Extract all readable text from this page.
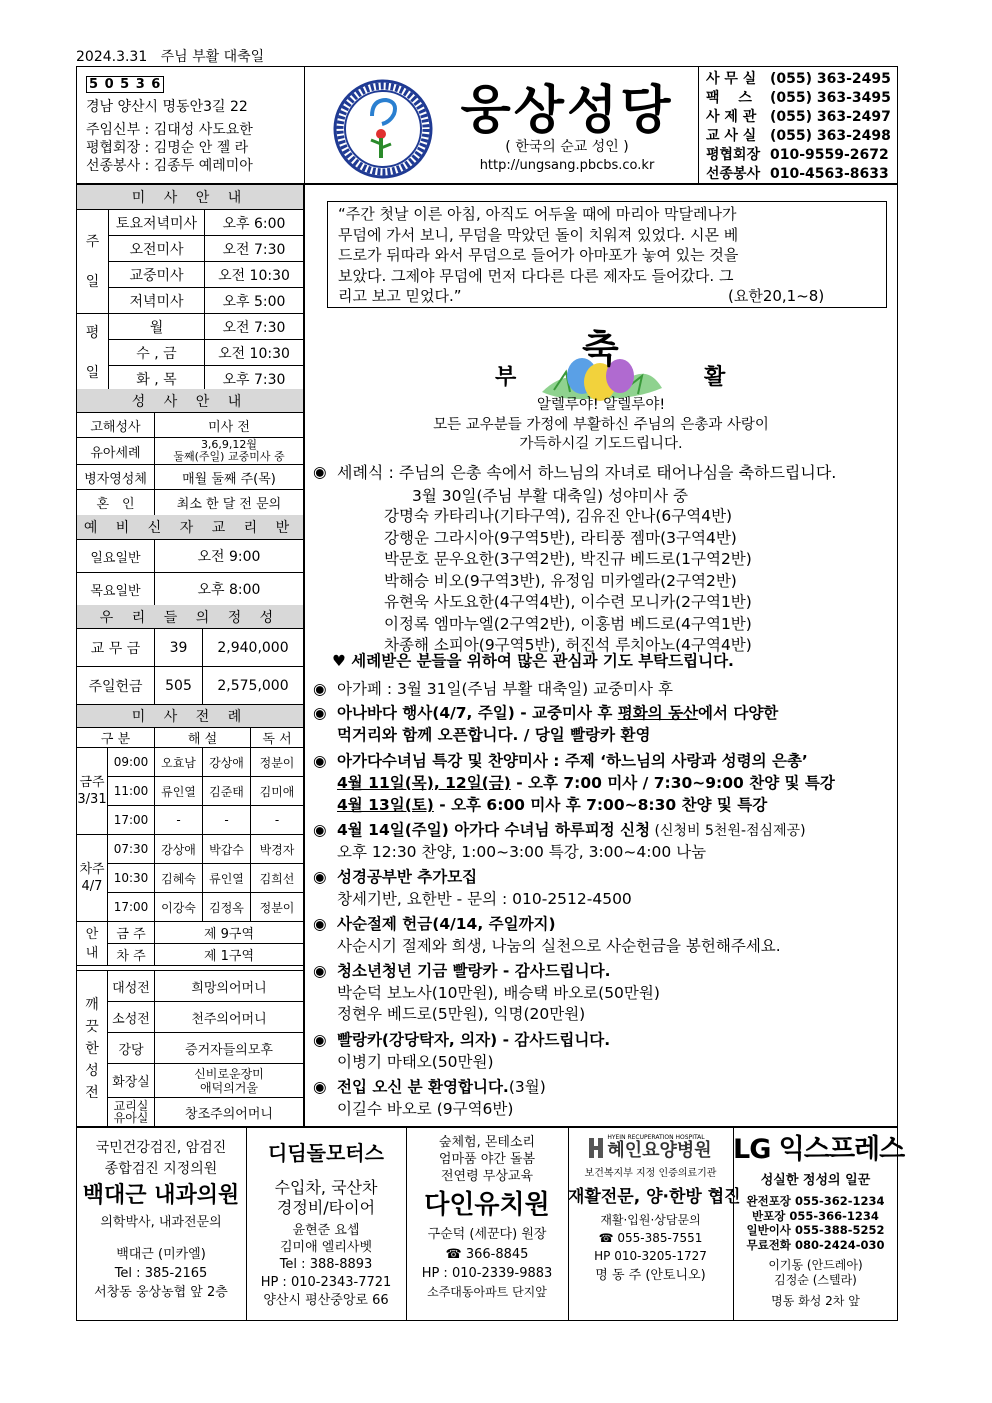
2024.3.31 주님 부활 대축일
5 0 5 3 6
경남 양산시 명동안3길 22
주임신부 : 김대성 사도요한
평협회장 : 김명순 안 젤 라
선종봉사 : 김종두 예레미아
웅상성당
( 한국의 순교 성인 )
http://ungsang.pbcbs.co.kr
사 무 실 (055) 363-2495
팩　 스	(055) 363-3495
사 제 관 (055) 363-2497
교 사 실 (055) 363-2498
평협회장 010-9559-2672
선종봉사 010-4563-8633
미 사 안 내
주

일	토요저녁미사	오후 6:00
	오전미사	오전 7:30
	교중미사	오전 10:30
	저녁미사	오후 5:00

평

일	월	오전 7:30
	수 , 금	오전 10:30
	화 , 목	오후 7:30
성 사 안 내
고해성사	미사 전
유아세례	3,6,9,12월
둘째(주일) 교중미사 중

병자영성체	매월 둘째 주(목)
혼　인	최소 한 달 전 문의
예 비 신 자 교 리 반
일요일반	오전 9:00
목요일반	오후 8:00
우 리 들 의 정 성
교 무 금	39	2,940,000
주일헌금	505	2,575,000
미 사 전 례
구 분		해 설		독 서

금주
3/31	09:00	오효남	강상애	정분이
	11:00	류인열	김준태	김미애
	17:00	-	-	-

차주
4/7	07:30	강상애	박갑수	박경자
	10:30	김혜숙	류인열	김희선
	17:00	이강숙	김정옥	정분이

안
내	금 주	제 9구역		
	차 주	제 1구역		
깨
끗
한
성
전	대성전	희망의어머니
	소성전	천주의어머니
	강당	증거자들의모후
	화장실	신비로운장미
애덕의거울

	교리실
유아실	창조주의어머니
“주간 첫날 이른 아침, 아직도 어두울 때에 마리아 막달레나가
무덤에 가서 보니, 무덤을 막았던 돌이 치워져 있었다. 시몬 베
드로가 뒤따라 와서 무덤으로 들어가 아마포가 놓여 있는 것을
보았다. 그제야 무덤에 먼저 다다른 다른 제자도 들어갔다. 그
리고 보고 믿었다.”	(요한20,1~8)
축
부	활
알렐루야! 알렐루야!
모든 교우분들 가정에 부활하신 주님의 은총과 사랑이
가득하시길 기도드립니다.
◉ 세례식 : 주님의 은총 속에서 하느님의 자녀로 태어나심을 축하드립니다.
3월 30일(주님 부활 대축일) 성야미사 중
강명숙 카타리나(기타구역), 김유진 안나(6구역4반)
강행운 그라시아(9구역5반), 라티풍 젬마(3구역4반)
박문호 문우요한(3구역2반), 박진규 베드로(1구역2반)
박해승 비오(9구역3반), 유정임 미카엘라(2구역2반)
유현욱 사도요한(4구역4반), 이수련 모니카(2구역1반)
이정록 엠마누엘(2구역2반), 이홍범 베드로(4구역1반)
차종해 소피아(9구역5반), 허진석 루치아노(4구역4반)
♥ 세례받은 분들을 위하여 많은 관심과 기도 부탁드립니다.
◉ 아가페 : 3월 31일(주님 부활 대축일) 교중미사 후
◉ 아나바다 행사(4/7, 주일) - 교중미사 후 평화의 동산에서 다양한
먹거리와 함께 오픈합니다. / 당일 빨랑카 환영
◉ 아가다수녀님 특강 및 찬양미사 : 주제 ‘하느님의 사랑과 성령의 은총’
4월 11일(목), 12일(금) - 오후 7:00 미사 / 7:30~9:00 찬양 및 특강
4월 13일(토) - 오후 6:00 미사 후 7:00~8:30 찬양 및 특강
◉ 4월 14일(주일) 아가다 수녀님 하루피정 신청 (신청비 5천원-점심제공)
오후 12:30 찬양, 1:00~3:00 특강, 3:00~4:00 나눔
◉ 성경공부반 추가모집
창세기반, 요한반 - 문의 : 010-2512-4500
◉ 사순절제 헌금(4/14, 주일까지)
사순시기 절제와 희생, 나눔의 실천으로 사순헌금을 봉헌해주세요.
◉ 청소년청년 기금 빨랑카 - 감사드립니다.
박순덕 보노사(10만원), 배승택 바오로(50만원)
정현우 베드로(5만원), 익명(20만원)
◉ 빨랑카(강당탁자, 의자) - 감사드립니다.
이병기 마태오(50만원)
◉ 전입 오신 분 환영합니다.(3월)
이길수 바오로 (9구역6반)
국민건강검진, 암검진
종합검진 지정의원
백대근 내과의원
의학박사, 내과전문의
백대근 (미카엘)
Tel : 385-2165
서창동 웅상농협 앞 2층
디딤돌모터스
수입차, 국산차
경정비/타이어
윤현준 요셉
김미애 엘리사벳
Tel : 388-8893
HP : 010-2343-7721
양산시 평산중앙로 66
숲체험, 몬테소리
엄마품 야간 돌봄
전연령 무상교육
다인유치원
구순덕 (세꾼다) 원장
☎ 366-8845
HP : 010-2339-9883
소주대동아파트 단지앞
HYEIN RECUPERATION HOSPITAL
혜인요양병원
보건복지부 지정 인증의료기관
재활전문, 양·한방 협진
재활·입원·상담문의
☎ 055-385-7551
HP 010-3205-1727
명 동 주 (안토니오)
LG 익스프레스
성실한 정성의 일꾼
완전포장 055-362-1234
반포장 055-366-1234
일반이사 055-388-5252
무료전화 080-2424-030
이기동 (안드레아)
김정순 (스텔라)
명동 화성 2차 앞
